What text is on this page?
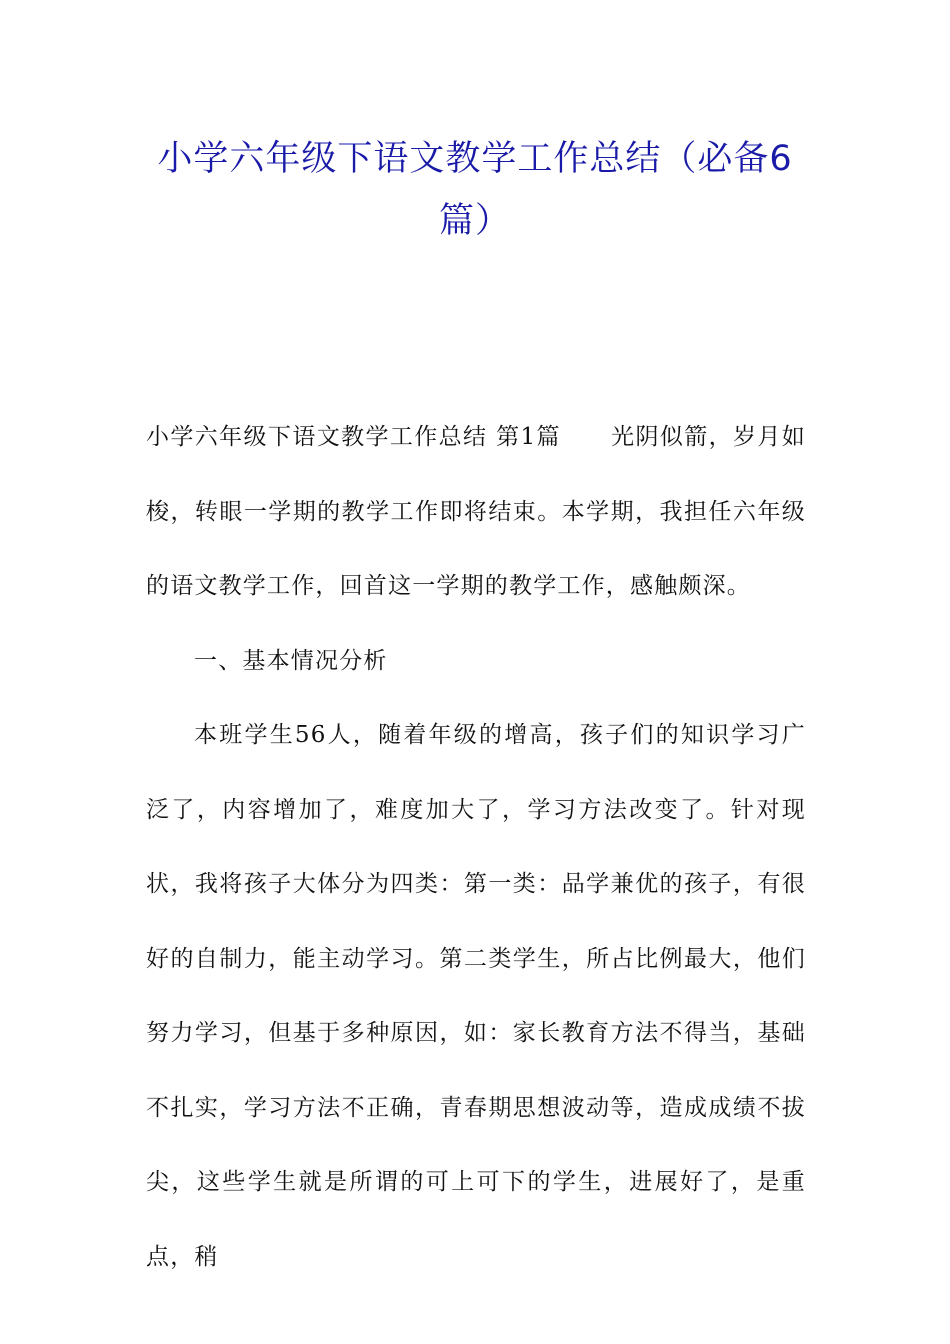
小学六年级下语文教学工作总结（必备6篇）

小学六年级下语文教学工作总结 第1篇 光阴似箭，岁月如梭，转眼一学期的教学工作即将结束。本学期，我担任六年级的语文教学工作，回首这一学期的教学工作，感触颇深。

一、基本情况分析

本班学生56人，随着年级的增高，孩子们的知识学习广泛了，内容增加了，难度加大了，学习方法改变了。针对现状，我将孩子大体分为四类：第一类：品学兼优的孩子，有很好的自制力，能主动学习。第二类学生，所占比例最大，他们努力学习，但基于多种原因，如：家长教育方法不得当，基础不扎实，学习方法不正确，青春期思想波动等，造成成绩不拔尖，这些学生就是所谓的可上可下的学生，进展好了，是重点，稍
